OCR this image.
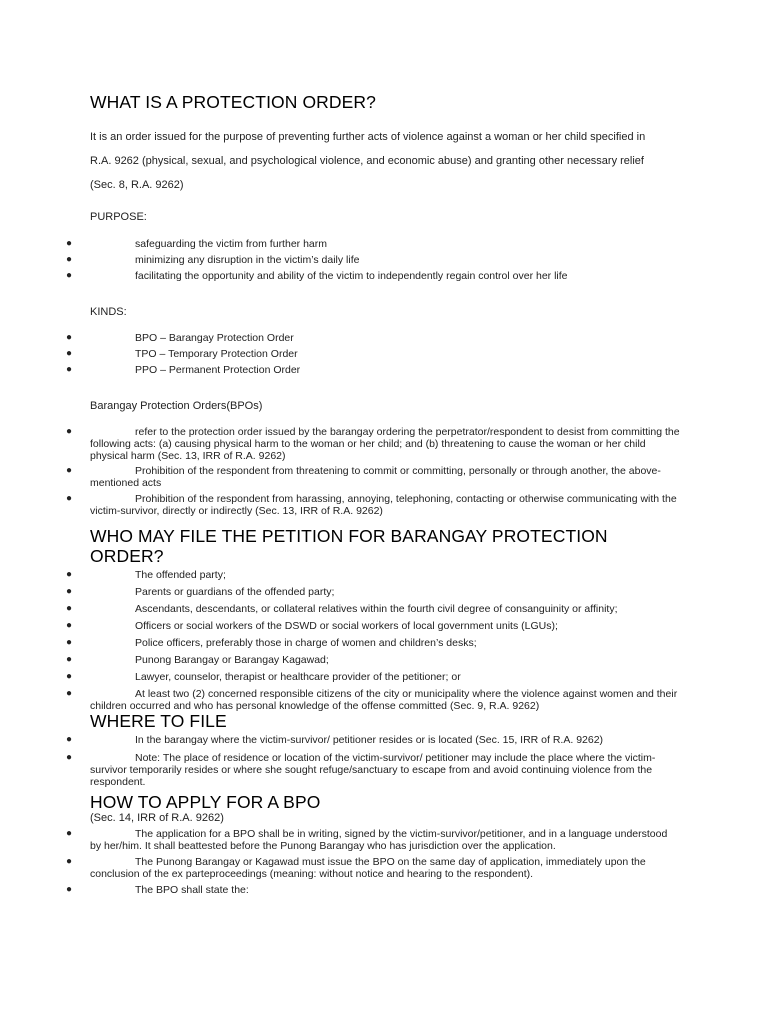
WHAT IS A PROTECTION ORDER?
It is an order issued for the purpose of preventing further acts of violence against a woman or her child specified in
R.A. 9262 (physical, sexual, and psychological violence, and economic abuse) and granting other necessary relief
(Sec. 8, R.A. 9262)

PURPOSE:

●	safeguarding the victim from further harm
●	minimizing any disruption in the victim’s daily life
●	facilitating the opportunity and ability of the victim to independently regain control over her life

KINDS:

●	BPO – Barangay Protection Order
●	TPO – Temporary Protection Order
●	PPO – Permanent Protection Order

Barangay Protection Orders(BPOs)

●	refer to the protection order issued by the barangay ordering the perpetrator/respondent to desist from committing the following acts: (a) causing physical harm to the woman or her child; and (b) threatening to cause the woman or her child physical harm (Sec. 13, IRR of R.A. 9262)
●	Prohibition of the respondent from threatening to commit or committing, personally or through another, the above-mentioned acts
●	Prohibition of the respondent from harassing, annoying, telephoning, contacting or otherwise communicating with the victim-survivor, directly or indirectly (Sec. 13, IRR of R.A. 9262)
WHO MAY FILE THE PETITION FOR BARANGAY PROTECTION ORDER?
●	The offended party;
●	Parents or guardians of the offended party;
●	Ascendants, descendants, or collateral relatives within the fourth civil degree of consanguinity or affinity;
●	Officers or social workers of the DSWD or social workers of local government units (LGUs);
●	Police officers, preferably those in charge of women and children’s desks;
●	Punong Barangay or Barangay Kagawad;
●	Lawyer, counselor, therapist or healthcare provider of the petitioner; or
●	At least two (2) concerned responsible citizens of the city or municipality where the violence against women and their children occurred and who has personal knowledge of the offense committed (Sec. 9, R.A. 9262)
WHERE TO FILE
●	In the barangay where the victim-survivor/ petitioner resides or is located (Sec. 15, IRR of R.A. 9262)
●	Note: The place of residence or location of the victim-survivor/ petitioner may include the place where the victim-survivor temporarily resides or where she sought refuge/sanctuary to escape from and avoid continuing violence from the respondent.
HOW TO APPLY FOR A BPO

(Sec. 14, IRR of R.A. 9262)

●	The application for a BPO shall be in writing, signed by the victim-survivor/petitioner, and in a language understood by her/him. It shall beattested before the Punong Barangay who has jurisdiction over the application.
●	The Punong Barangay or Kagawad must issue the BPO on the same day of application, immediately upon the conclusion of the ex parteproceedings (meaning: without notice and hearing to the respondent).
●	The BPO shall state the:
